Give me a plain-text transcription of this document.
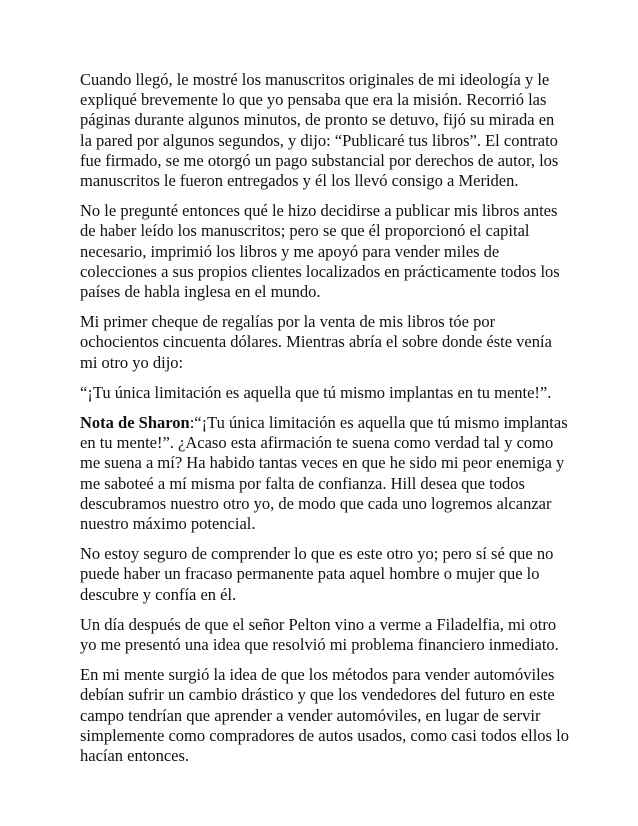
Cuando llegó, le mostré los manuscritos originales de mi ideología y le expliqué brevemente lo que yo pensaba que era la misión. Recorrió las páginas durante algunos minutos, de pronto se detuvo, fijó su mirada en la pared por algunos segundos, y dijo: “Publicaré tus libros”. El contrato fue firmado, se me otorgó un pago substancial por derechos de autor, los manuscritos le fueron entregados y él los llevó consigo a Meriden.

No le pregunté entonces qué le hizo decidirse a publicar mis libros antes de haber leído los manuscritos; pero se que él proporcionó el capital necesario, imprimió los libros y me apoyó para vender miles de colecciones a sus propios clientes localizados en prácticamente todos los países de habla inglesa en el mundo.

Mi primer cheque de regalías por la venta de mis libros tóe por ochocientos cincuenta dólares. Mientras abría el sobre donde éste venía mi otro yo dijo:

“¡Tu única limitación es aquella que tú mismo implantas en tu mente!”.

Nota de Sharon:“¡Tu única limitación es aquella que tú mismo implantas en tu mente!”. ¿Acaso esta afirmación te suena como verdad tal y como me suena a mí? Ha habido tantas veces en que he sido mi peor enemiga y me saboteé a mí misma por falta de confianza. Hill desea que todos descubramos nuestro otro yo, de modo que cada uno logremos alcanzar nuestro máximo potencial.

No estoy seguro de comprender lo que es este otro yo; pero sí sé que no puede haber un fracaso permanente pata aquel hombre o mujer que lo descubre y confía en él.

Un día después de que el señor Pelton vino a verme a Filadelfia, mi otro yo me presentó una idea que resolvió mi problema financiero inmediato.

En mi mente surgió la idea de que los métodos para vender automóviles debían sufrir un cambio drástico y que los vendedores del futuro en este campo tendrían que aprender a vender automóviles, en lugar de servir simplemente como compradores de autos usados, como casi todos ellos lo hacían entonces.
